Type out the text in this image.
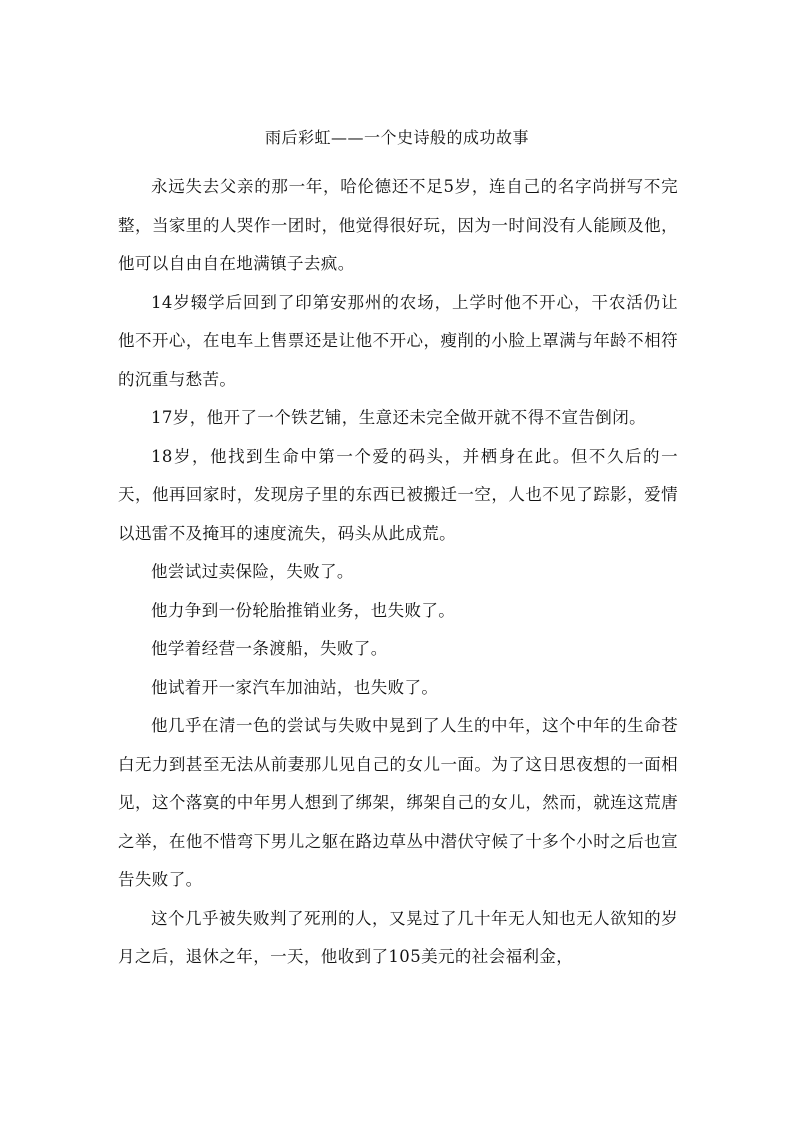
雨后彩虹——一个史诗般的成功故事

永远失去父亲的那一年，哈伦德还不足5岁，连自己的名字尚拼写不完整，当家里的人哭作一团时，他觉得很好玩，因为一时间没有人能顾及他，他可以自由自在地满镇子去疯。

14岁辍学后回到了印第安那州的农场，上学时他不开心，干农活仍让他不开心，在电车上售票还是让他不开心，瘦削的小脸上罩满与年龄不相符的沉重与愁苦。

17岁，他开了一个铁艺铺，生意还未完全做开就不得不宣告倒闭。

18岁，他找到生命中第一个爱的码头，并栖身在此。但不久后的一天，他再回家时，发现房子里的东西已被搬迁一空，人也不见了踪影，爱情以迅雷不及掩耳的速度流失，码头从此成荒。

他尝试过卖保险，失败了。

他力争到一份轮胎推销业务，也失败了。

他学着经营一条渡船，失败了。

他试着开一家汽车加油站，也失败了。

他几乎在清一色的尝试与失败中晃到了人生的中年，这个中年的生命苍白无力到甚至无法从前妻那儿见自己的女儿一面。为了这日思夜想的一面相见，这个落寞的中年男人想到了绑架，绑架自己的女儿，然而，就连这荒唐之举，在他不惜弯下男儿之躯在路边草丛中潜伏守候了十多个小时之后也宣告失败了。

这个几乎被失败判了死刑的人，又晃过了几十年无人知也无人欲知的岁月之后，退休之年，一天，他收到了105美元的社会福利金，
